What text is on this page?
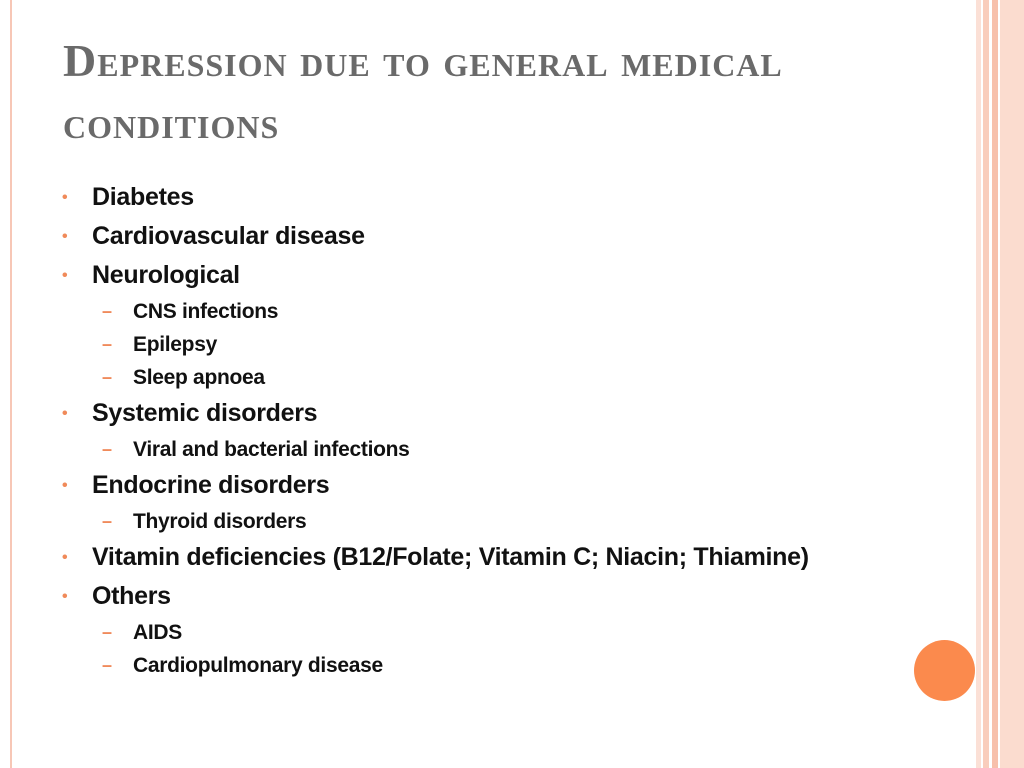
Depression due to general medical conditions
• Diabetes
• Cardiovascular disease
• Neurological
– CNS infections
– Epilepsy
– Sleep apnoea
• Systemic disorders
– Viral and bacterial infections
• Endocrine disorders
– Thyroid disorders
• Vitamin deficiencies (B12/Folate; Vitamin C; Niacin; Thiamine)
• Others
– AIDS
– Cardiopulmonary disease
